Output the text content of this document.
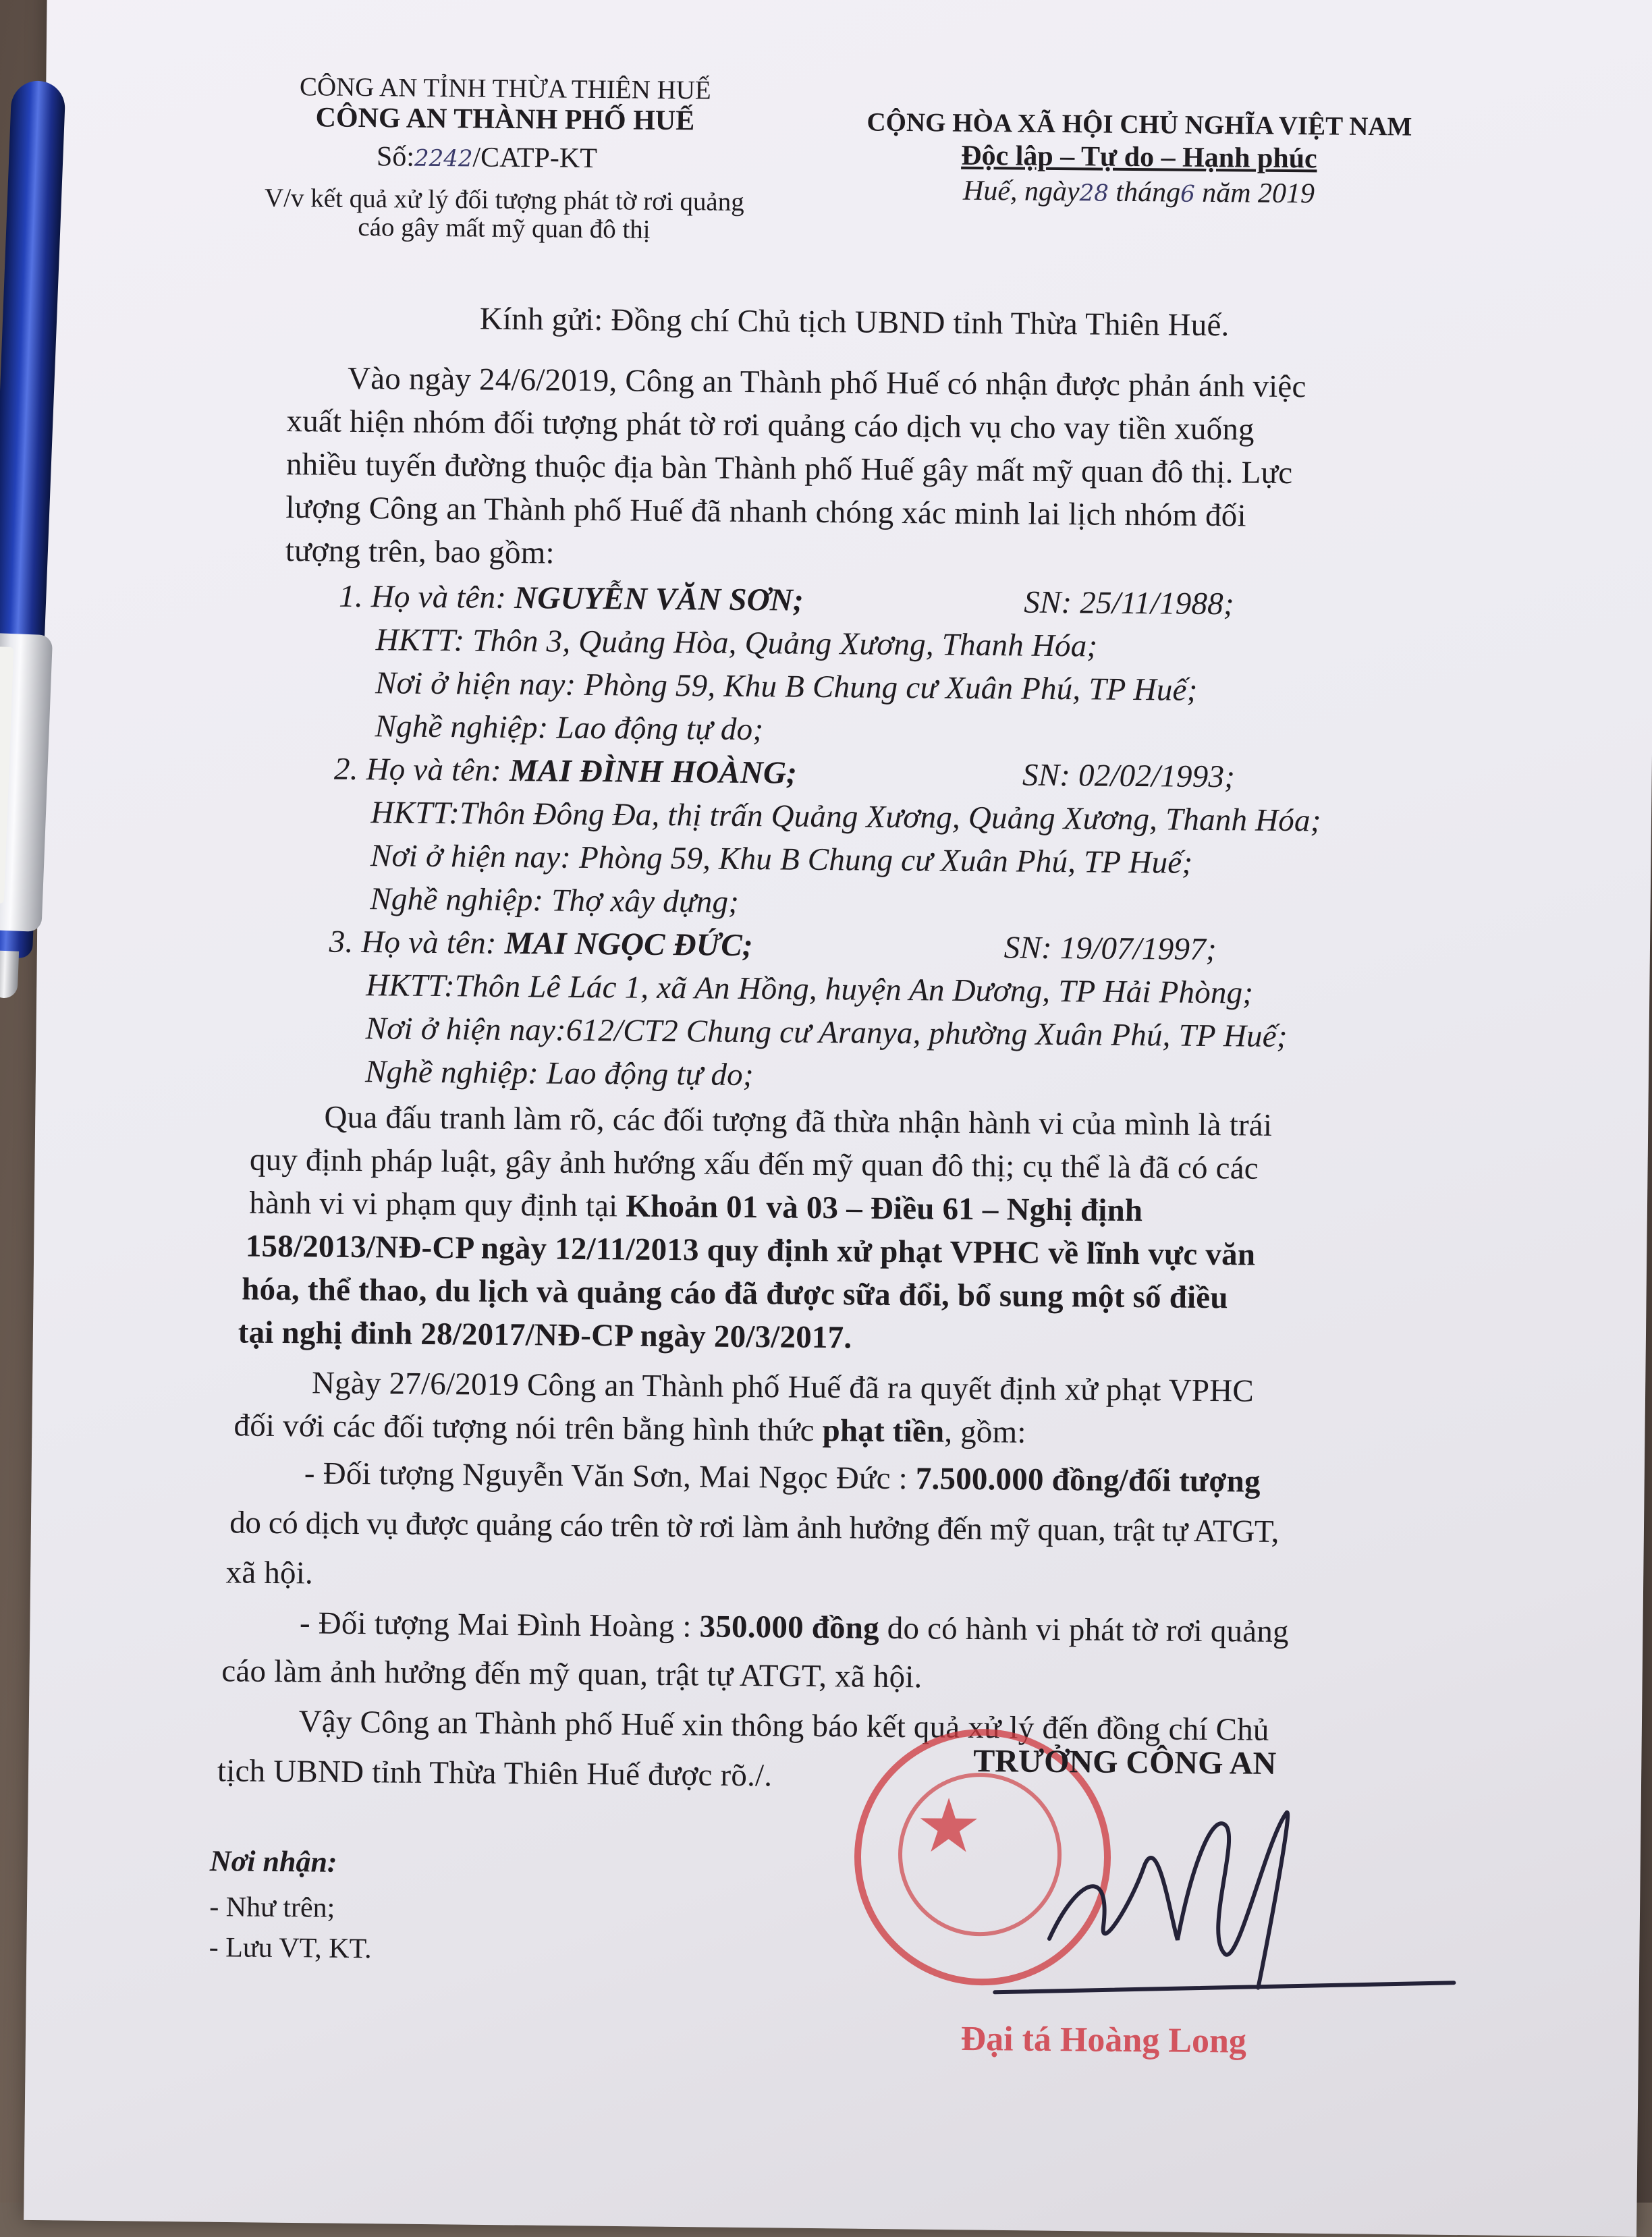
CÔNG AN TỈNH THỪA THIÊN HUẾ
CÔNG AN THÀNH PHỐ HUẾ
Số:2242/CATP-KT
V/v kết quả xử lý đối tượng phát tờ rơi quảng
cáo gây mất mỹ quan đô thị
CỘNG HÒA XÃ HỘI CHỦ NGHĨA VIỆT NAM
Độc lập – Tự do – Hạnh phúc
Huế, ngày28 tháng6 năm 2019
Kính gửi: Đồng chí Chủ tịch UBND tỉnh Thừa Thiên Huế.
Vào ngày 24/6/2019, Công an Thành phố Huế có nhận được phản ánh việc
xuất hiện nhóm đối tượng phát tờ rơi quảng cáo dịch vụ cho vay tiền xuống
nhiều tuyến đường thuộc địa bàn Thành phố Huế gây mất mỹ quan đô thị. Lực
lượng Công an Thành phố Huế đã nhanh chóng xác minh lai lịch nhóm đối
tượng trên, bao gồm:
1. Họ và tên: NGUYỄN VĂN SƠN;	SN: 25/11/1988;
HKTT: Thôn 3, Quảng Hòa, Quảng Xương, Thanh Hóa;
Nơi ở hiện nay: Phòng 59, Khu B Chung cư Xuân Phú, TP Huế;
Nghề nghiệp: Lao động tự do;
2. Họ và tên: MAI ĐÌNH HOÀNG;	SN: 02/02/1993;
HKTT:Thôn Đông Đa, thị trấn Quảng Xương, Quảng Xương, Thanh Hóa;
Nơi ở hiện nay: Phòng 59, Khu B Chung cư Xuân Phú, TP Huế;
Nghề nghiệp: Thợ xây dựng;
3. Họ và tên: MAI NGỌC ĐỨC;	SN: 19/07/1997;
HKTT:Thôn Lê Lác 1, xã An Hồng, huyện An Dương, TP Hải Phòng;
Nơi ở hiện nay:612/CT2 Chung cư Aranya, phường Xuân Phú, TP Huế;
Nghề nghiệp: Lao động tự do;
Qua đấu tranh làm rõ, các đối tượng đã thừa nhận hành vi của mình là trái
quy định pháp luật, gây ảnh hướng xấu đến mỹ quan đô thị; cụ thể là đã có các
hành vi vi phạm quy định tại Khoản 01 và 03 – Điều 61 – Nghị định
158/2013/NĐ-CP ngày 12/11/2013 quy định xử phạt VPHC về lĩnh vực văn
hóa, thể thao, du lịch và quảng cáo đã được sữa đổi, bổ sung một số điều
tại nghị đinh 28/2017/NĐ-CP ngày 20/3/2017.
Ngày 27/6/2019 Công an Thành phố Huế đã ra quyết định xử phạt VPHC
đối với các đối tượng nói trên bằng hình thức phạt tiền, gồm:
- Đối tượng Nguyễn Văn Sơn, Mai Ngọc Đức : 7.500.000 đồng/đối tượng
do có dịch vụ được quảng cáo trên tờ rơi làm ảnh hưởng đến mỹ quan, trật tự ATGT,
xã hội.
- Đối tượng Mai Đình Hoàng : 350.000 đồng do có hành vi phát tờ rơi quảng
cáo làm ảnh hưởng đến mỹ quan, trật tự ATGT, xã hội.
Vậy Công an Thành phố Huế xin thông báo kết quả xử lý đến đồng chí Chủ
tịch UBND tỉnh Thừa Thiên Huế được rõ./.
Nơi nhận:
- Như trên;
- Lưu VT, KT.
★
TRƯỞNG CÔNG AN
Đại tá Hoàng Long
